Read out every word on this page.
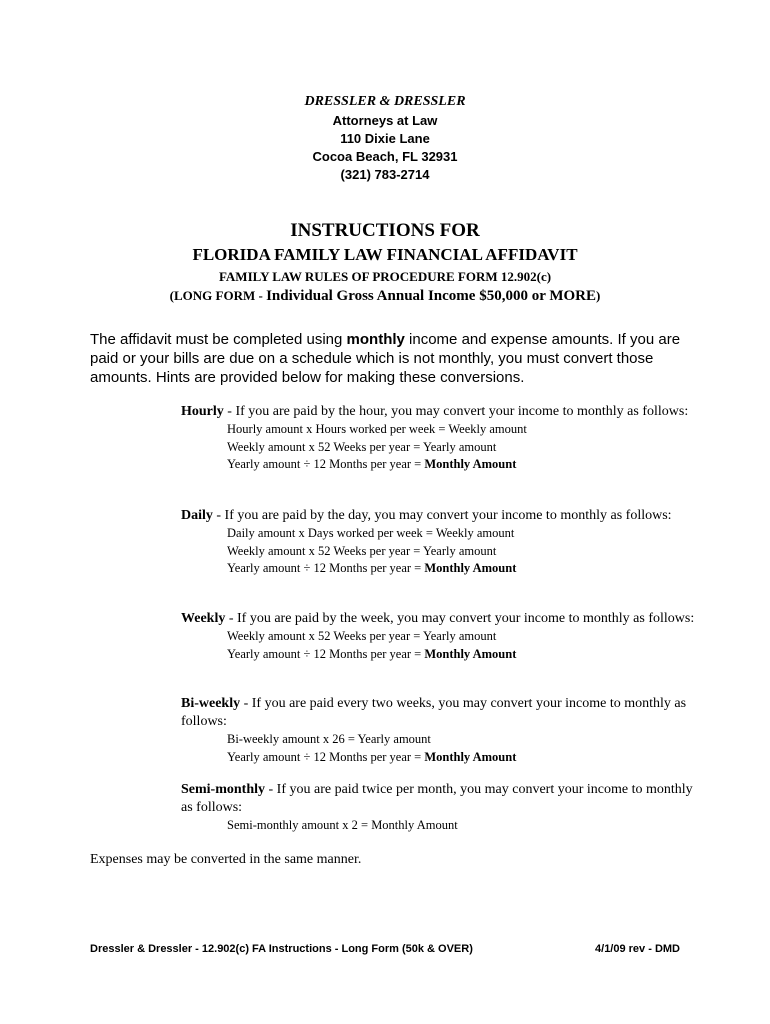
DRESSLER & DRESSLER
Attorneys at Law
110 Dixie Lane
Cocoa Beach, FL 32931
(321) 783-2714
INSTRUCTIONS FOR
FLORIDA FAMILY LAW FINANCIAL AFFIDAVIT
FAMILY LAW RULES OF PROCEDURE FORM 12.902(c)
(LONG FORM - Individual Gross Annual Income $50,000 or MORE)
The affidavit must be completed using monthly income and expense amounts. If you are paid or your bills are due on a schedule which is not monthly, you must convert those amounts. Hints are provided below for making these conversions.
Hourly - If you are paid by the hour, you may convert your income to monthly as follows:
Hourly amount x Hours worked per week = Weekly amount
Weekly amount x 52 Weeks per year = Yearly amount
Yearly amount ÷ 12 Months per year = Monthly Amount
Daily - If you are paid by the day, you may convert your income to monthly as follows:
Daily amount x Days worked per week = Weekly amount
Weekly amount x 52 Weeks per year = Yearly amount
Yearly amount ÷ 12 Months per year = Monthly Amount
Weekly - If you are paid by the week, you may convert your income to monthly as follows:
Weekly amount x 52 Weeks per year = Yearly amount
Yearly amount ÷ 12 Months per year = Monthly Amount
Bi-weekly - If you are paid every two weeks, you may convert your income to monthly as follows:
Bi-weekly amount x 26 = Yearly amount
Yearly amount ÷ 12 Months per year = Monthly Amount
Semi-monthly - If you are paid twice per month, you may convert your income to monthly as follows:
Semi-monthly amount x 2 = Monthly Amount
Expenses may be converted in the same manner.
Dressler & Dressler - 12.902(c) FA Instructions - Long Form (50k & OVER)	4/1/09 rev - DMD
